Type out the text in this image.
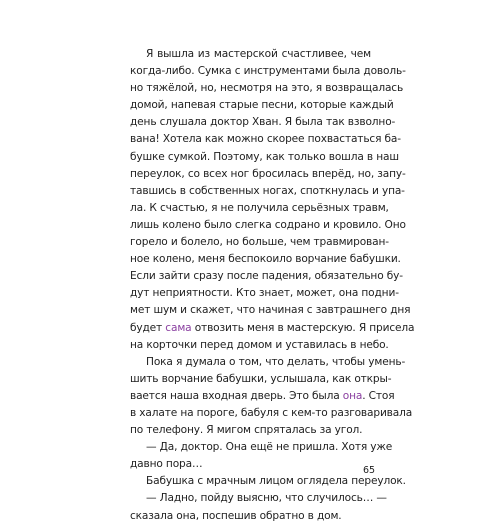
Я вышла из мастерской счастливее, чем
когда-либо. Сумка с инструментами была доволь-
но тяжёлой, но, несмотря на это, я возвращалась
домой, напевая старые песни, которые каждый
день слушала доктор Хван. Я была так взволно-
вана! Хотела как можно скорее похвастаться ба-
бушке сумкой. Поэтому, как только вошла в наш
переулок, со всех ног бросилась вперёд, но, запу-
тавшись в собственных ногах, споткнулась и упа-
ла. К счастью, я не получила серьёзных травм,
лишь колено было слегка содрано и кровило. Оно
горело и болело, но больше, чем травмирован-
ное колено, меня беспокоило ворчание бабушки.
Если зайти сразу после падения, обязательно бу-
дут неприятности. Кто знает, может, она подни-
мет шум и скажет, что начиная с завтрашнего дня
будет сама отвозить меня в мастерскую. Я присела
на корточки перед домом и уставилась в небо.
Пока я думала о том, что делать, чтобы умень-
шить ворчание бабушки, услышала, как откры-
вается наша входная дверь. Это была она. Стоя
в халате на пороге, бабуля с кем-то разговаривала
по телефону. Я мигом спряталась за угол.
— Да, доктор. Она ещё не пришла. Хотя уже
давно пора…
Бабушка с мрачным лицом оглядела переулок.
— Ладно, пойду выясню, что случилось… —
сказала она, поспешив обратно в дом.
65
